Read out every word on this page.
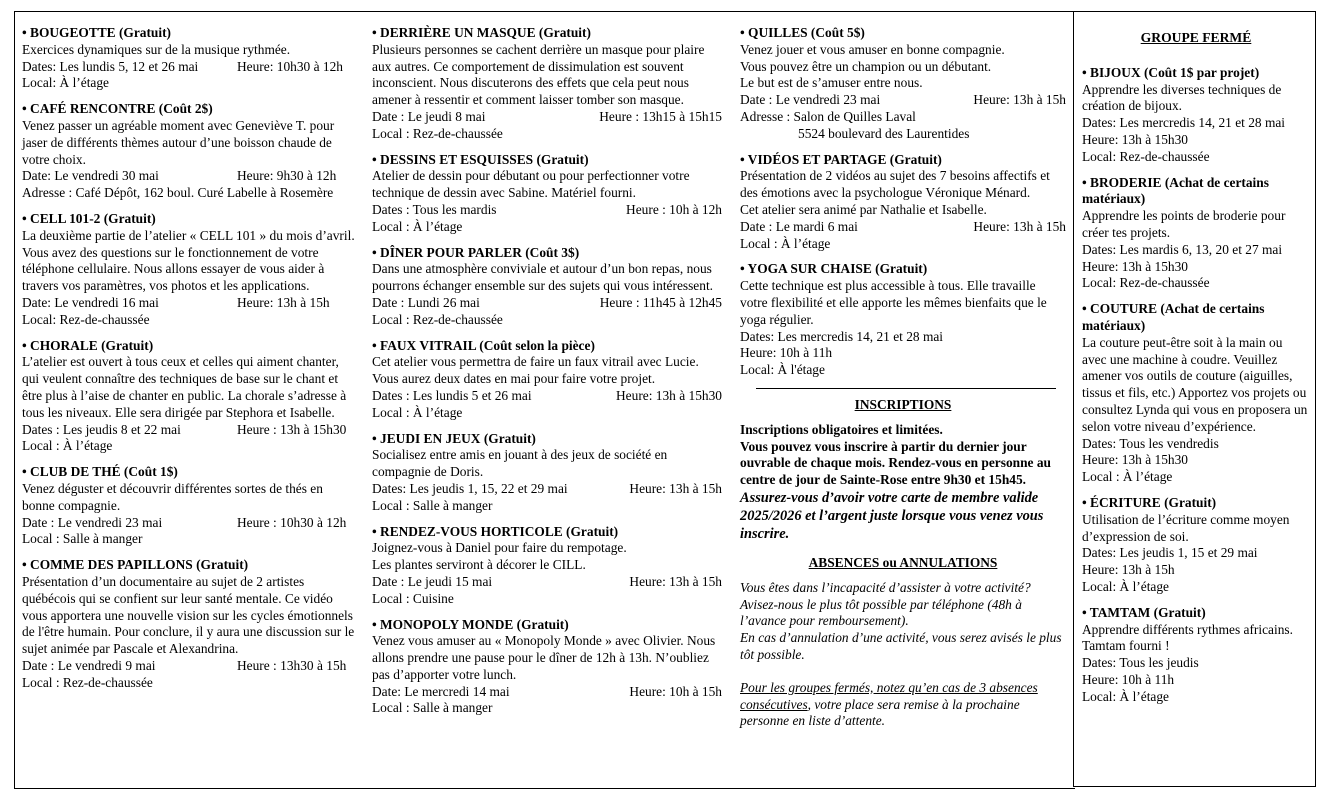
• BOUGEOTTE (Gratuit)

Exercices dynamiques sur de la musique rythmée.

Dates: Les lundis 5, 12 et 26 mai	Heure: 10h30 à 12h

Local: À l’étage

• CAFÉ RENCONTRE (Coût 2$)

Venez passer un agréable moment avec Geneviève T. pour jaser de différents thèmes autour d’une boisson chaude de votre choix.

Date: Le vendredi 30 mai	Heure: 9h30 à 12h

Adresse : Café Dépôt, 162 boul. Curé Labelle à Rosemère

• CELL 101-2 (Gratuit)

La deuxième partie de l’atelier « CELL 101 » du mois d’avril. Vous avez des questions sur le fonctionnement de votre téléphone cellulaire. Nous allons essayer de vous aider à travers vos paramètres, vos photos et les applications.

Date: Le vendredi 16 mai	Heure: 13h à 15h

Local: Rez-de-chaussée

• CHORALE (Gratuit)

L’atelier est ouvert à tous ceux et celles qui aiment chanter, qui veulent connaître des techniques de base sur le chant et être plus à l’aise de chanter en public. La chorale s’adresse à tous les niveaux. Elle sera dirigée par Stephora et Isabelle.

Dates : Les jeudis 8 et 22 mai	Heure : 13h à 15h30

Local : À l’étage

• CLUB DE THÉ (Coût 1$)

Venez déguster et découvrir différentes sortes de thés en bonne compagnie.

Date : Le vendredi 23 mai	Heure : 10h30 à 12h

Local : Salle à manger

• COMME DES PAPILLONS (Gratuit)

Présentation d’un documentaire au sujet de 2 artistes québécois qui se confient sur leur santé mentale. Ce vidéo vous apportera une nouvelle vision sur les cycles émotionnels de l'être humain. Pour conclure, il y aura une discussion sur le sujet animée par Pascale et Alexandrina.

Date : Le vendredi 9 mai	Heure : 13h30 à 15h

Local : Rez-de-chaussée

• DERRIÈRE UN MASQUE (Gratuit)

Plusieurs personnes se cachent derrière un masque pour plaire aux autres. Ce comportement de dissimulation est souvent inconscient. Nous discuterons des effets que cela peut nous amener à ressentir et comment laisser tomber son masque.

Date : Le jeudi 8 mai	Heure : 13h15 à 15h15

Local : Rez-de-chaussée

• DESSINS ET ESQUISSES (Gratuit)

Atelier de dessin pour débutant ou pour perfectionner votre technique de dessin avec Sabine. Matériel fourni.

Dates : Tous les mardis	Heure : 10h à 12h

Local : À l’étage

• DÎNER POUR PARLER (Coût 3$)

Dans une atmosphère conviviale et autour d’un bon repas, nous pourrons échanger ensemble sur des sujets qui vous intéressent.

Date : Lundi 26 mai	Heure : 11h45 à 12h45

Local : Rez-de-chaussée

• FAUX VITRAIL (Coût selon la pièce)

Cet atelier vous permettra de faire un faux vitrail avec Lucie. Vous aurez deux dates en mai pour faire votre projet.

Dates : Les lundis 5 et 26 mai	Heure: 13h à 15h30

Local : À l’étage

• JEUDI EN JEUX (Gratuit)

Socialisez entre amis en jouant à des jeux de société en compagnie de Doris.

Dates: Les jeudis 1, 15, 22 et 29 mai	Heure: 13h à 15h

Local : Salle à manger

• RENDEZ-VOUS HORTICOLE (Gratuit)

Joignez-vous à Daniel pour faire du rempotage.

Les plantes serviront à décorer le CILL.

Date : Le jeudi 15 mai	Heure: 13h à 15h

Local : Cuisine

• MONOPOLY MONDE (Gratuit)

Venez vous amuser au « Monopoly Monde » avec Olivier. Nous allons prendre une pause pour le dîner de 12h à 13h. N’oubliez pas d’apporter votre lunch.

Date: Le mercredi 14 mai	Heure: 10h à 15h

Local : Salle à manger

• QUILLES (Coût 5$)

Venez jouer et vous amuser en bonne compagnie.

Vous pouvez être un champion ou un débutant.

Le but est de s’amuser entre nous.

Date : Le vendredi 23 mai	Heure: 13h à 15h

Adresse : Salon de Quilles Laval

5524 boulevard des Laurentides

• VIDÉOS ET PARTAGE (Gratuit)

Présentation de 2 vidéos au sujet des 7 besoins affectifs et des émotions avec la psychologue Véronique Ménard.

Cet atelier sera animé par Nathalie et Isabelle.

Date : Le mardi 6 mai	Heure: 13h à 15h

Local : À l’étage

• YOGA SUR CHAISE (Gratuit)

Cette technique est plus accessible à tous. Elle travaille votre flexibilité et elle apporte les mêmes bienfaits que le yoga régulier.

Dates: Les mercredis 14, 21 et 28 mai

Heure: 10h à 11h

Local: À l'étage

INSCRIPTIONS

Inscriptions obligatoires et limitées.

Vous pouvez vous inscrire à partir du dernier jour ouvrable de chaque mois. Rendez-vous en personne au centre de jour de Sainte-Rose entre 9h30 et 15h45.

Assurez-vous d’avoir votre carte de membre valide 2025/2026 et l’argent juste lorsque vous venez vous inscrire.

ABSENCES ou ANNULATIONS

Vous êtes dans l’incapacité d’assister à votre activité? Avisez-nous le plus tôt possible par téléphone (48h à l’avance pour remboursement).

En cas d’annulation d’une activité, vous serez avisés le plus tôt possible.

Pour les groupes fermés, notez qu’en cas de 3 absences consécutives, votre place sera remise à la prochaine personne en liste d’attente.

GROUPE FERMÉ

• BIJOUX (Coût 1$ par projet)

Apprendre les diverses techniques de création de bijoux.

Dates: Les mercredis 14, 21 et 28 mai

Heure: 13h à 15h30

Local: Rez-de-chaussée

• BRODERIE (Achat de certains matériaux)

Apprendre les points de broderie pour créer tes projets.

Dates: Les mardis 6, 13, 20 et 27 mai

Heure: 13h à 15h30

Local: Rez-de-chaussée

• COUTURE (Achat de certains matériaux)

La couture peut-être soit à la main ou avec une machine à coudre. Veuillez amener vos outils de couture (aiguilles, tissus et fils, etc.) Apportez vos projets ou consultez Lynda qui vous en proposera un selon votre niveau d’expérience.

Dates: Tous les vendredis

Heure: 13h à 15h30

Local : À l’étage

• ÉCRITURE (Gratuit)

Utilisation de l’écriture comme moyen d’expression de soi.

Dates: Les jeudis 1, 15 et 29 mai

Heure: 13h à 15h

Local: À l’étage

• TAMTAM (Gratuit)

Apprendre différents rythmes africains. Tamtam fourni !

Dates: Tous les jeudis

Heure: 10h à 11h

Local: À l’étage
